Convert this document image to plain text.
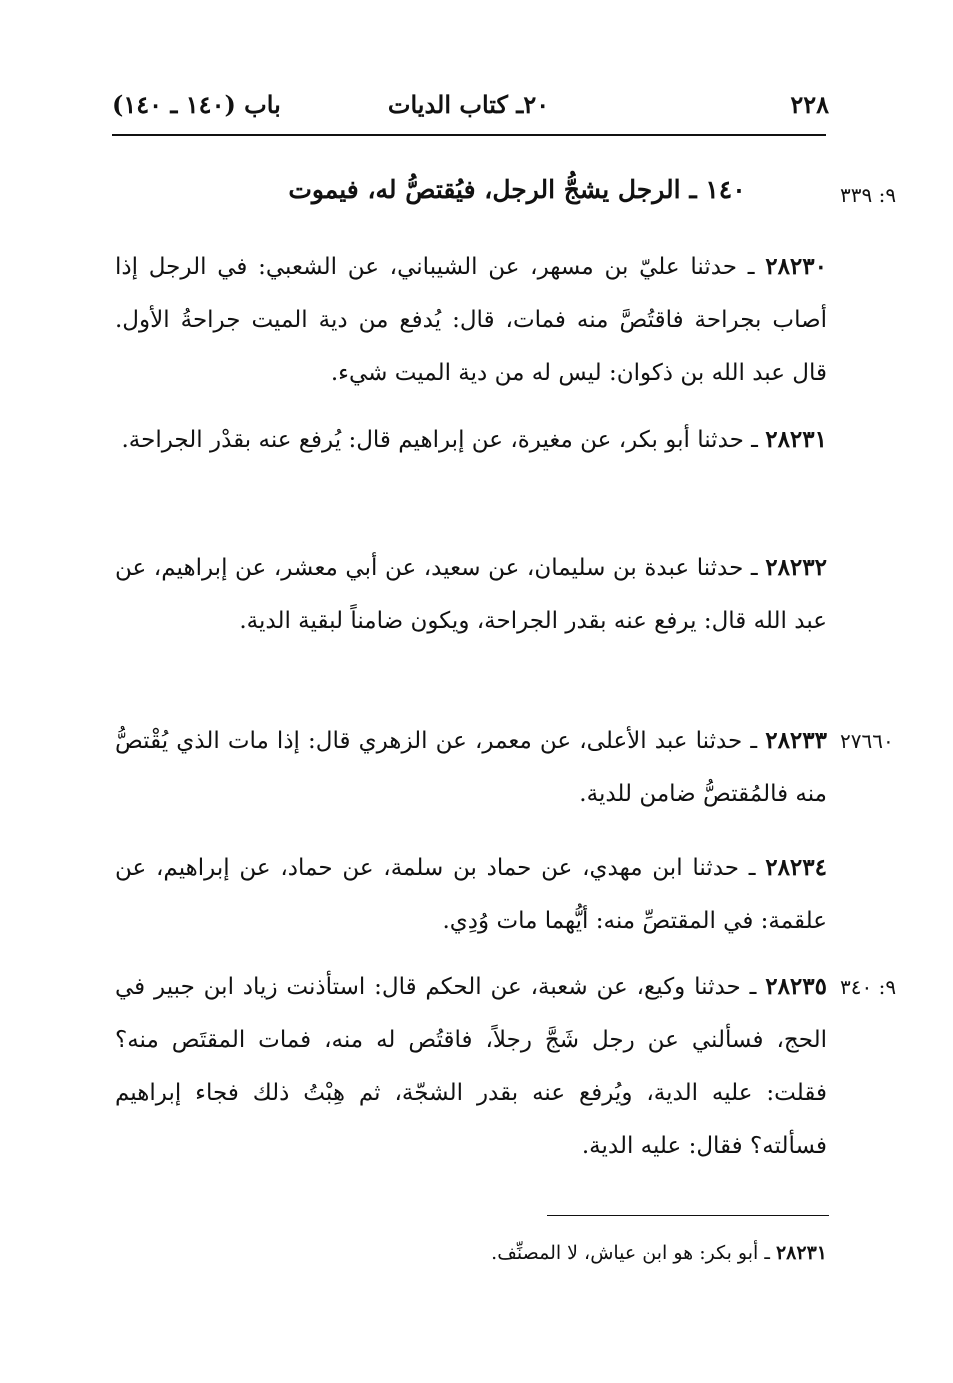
باب (١٤٠ ـ ١٤٠)	٢٠ـ كتاب الديات	٢٢٨
١٤٠ ـ الرجل يشجُّ الرجل، فيُقتصُّ له، فيموت	٩: ٣٣٩
٢٨٢٣٠ ـ حدثنا عليّ بن مسهر، عن الشيباني، عن الشعبي: في الرجل إذا أصاب بجراحة فاقتُصَّ منه فمات، قال: يُدفع من دية الميت جراحةُ الأول. قال عبد الله بن ذكوان: ليس له من دية الميت شيء.
٢٨٢٣١ ـ حدثنا أبو بكر، عن مغيرة، عن إبراهيم قال: يُرفع عنه بقدْر الجراحة.
٢٨٢٣٢ ـ حدثنا عبدة بن سليمان، عن سعيد، عن أبي معشر، عن إبراهيم، عن عبد الله قال: يرفع عنه بقدر الجراحة، ويكون ضامناً لبقية الدية.
٢٨٢٣٣ ـ حدثنا عبد الأعلى، عن معمر، عن الزهري قال: إذا مات الذي يُقْتصُّ منه فالمُقتصُّ ضامن للدية.
٢٧٦٦٠
٢٨٢٣٤ ـ حدثنا ابن مهدي، عن حماد بن سلمة، عن حماد، عن إبراهيم، عن علقمة: في المقتصِّ منه: أيُّهما مات وُدِي.
٢٨٢٣٥ ـ حدثنا وكيع، عن شعبة، عن الحكم قال: استأذنت زياد ابن جبير في الحج، فسألني عن رجل شَجَّ رجلاً، فاقتُص له منه، فمات المقتَص منه؟ فقلت: عليه الدية، ويُرفع عنه بقدر الشجّة، ثم هِبْتُ ذلك فجاء إبراهيم فسألته؟ فقال: عليه الدية.
٩: ٣٤٠
٢٨٢٣١ ـ أبو بكر: هو ابن عياش، لا المصنِّف.
